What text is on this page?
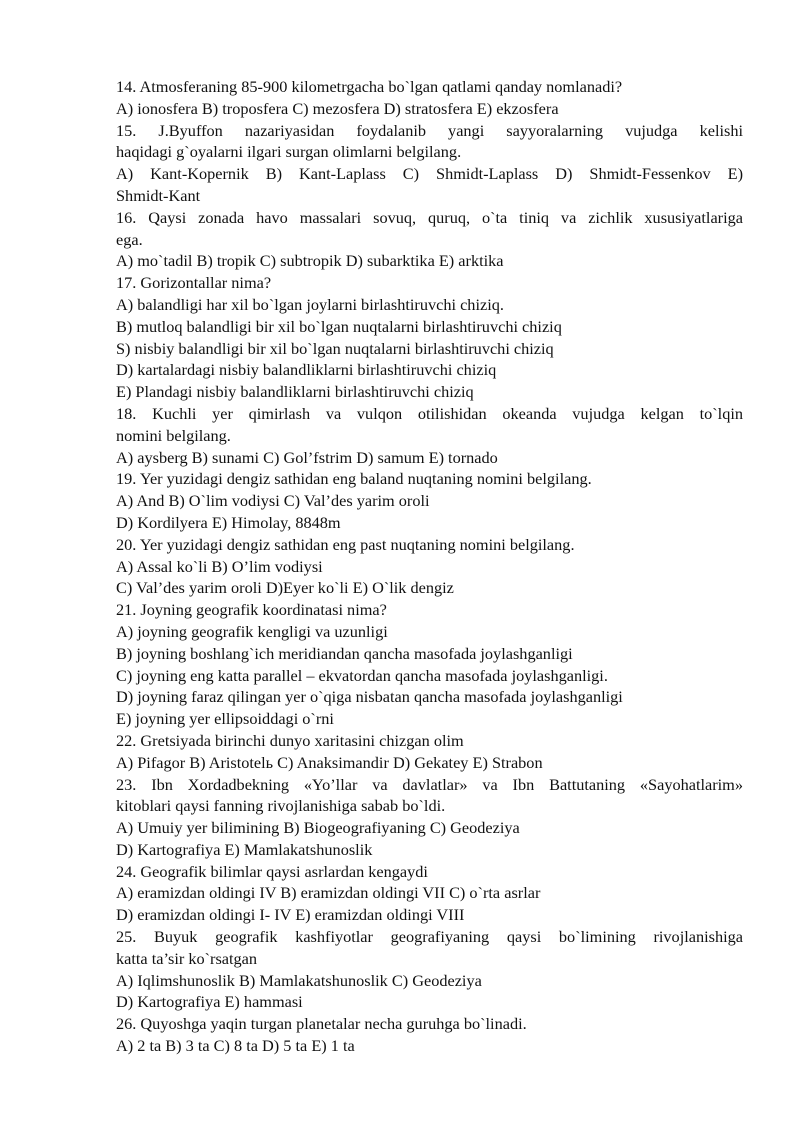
14. Atmosferaning 85-900 kilometrgacha bo`lgan qatlami qanday nomlanadi?
A) ionosfera B) troposfera C) mezosfera D) stratosfera E) ekzosfera
15. J.Byuffon nazariyasidan foydalanib yangi sayyoralarning vujudga kelishi
haqidagi g`oyalarni ilgari surgan olimlarni belgilang.
A) Kant-Kopernik B) Kant-Laplass C) Shmidt-Laplass D) Shmidt-Fessenkov E)
Shmidt-Kant
16. Qaysi zonada havo massalari sovuq, quruq, o`ta tiniq va zichlik xususiyatlariga
ega.
A) mo`tadil B) tropik C) subtropik D) subarktika E) arktika
17. Gorizontallar nima?
A) balandligi har xil bo`lgan joylarni birlashtiruvchi chiziq.
B) mutloq balandligi bir xil bo`lgan nuqtalarni birlashtiruvchi chiziq
S) nisbiy balandligi bir xil bo`lgan nuqtalarni birlashtiruvchi chiziq
D) kartalardagi nisbiy balandliklarni birlashtiruvchi chiziq
E) Plandagi nisbiy balandliklarni birlashtiruvchi chiziq
18. Kuchli yer qimirlash va vulqon otilishidan okeanda vujudga kelgan to`lqin
nomini belgilang.
A) aysberg B) sunami C) Gol’fstrim D) samum E) tornado
19. Yer yuzidagi dengiz sathidan eng baland nuqtaning nomini belgilang.
A) And B) O`lim vodiysi C) Val’des yarim oroli
D) Kordilyera E) Himolay, 8848m
20. Yer yuzidagi dengiz sathidan eng past nuqtaning nomini belgilang.
A) Assal ko`li B) O’lim vodiysi
C) Val’des yarim oroli D)Eyer ko`li E) O`lik dengiz
21. Joyning geografik koordinatasi nima?
A) joyning geografik kengligi va uzunligi
B) joyning boshlang`ich meridiandan qancha masofada joylashganligi
C) joyning eng katta parallel – ekvatordan qancha masofada joylashganligi.
D) joyning faraz qilingan yer o`qiga nisbatan qancha masofada joylashganligi
E) joyning yer ellipsoiddagi o`rni
22. Gretsiyada birinchi dunyo xaritasini chizgan olim
A) Pifagor B) Aristotelь C) Anaksimandir D) Gekatey E) Strabon
23. Ibn Xordadbekning «Yo’llar va davlatlar» va Ibn Battutaning «Sayohatlarim»
kitoblari qaysi fanning rivojlanishiga sabab bo`ldi.
A) Umuiy yer bilimining B) Biogeografiyaning C) Geodeziya
D) Kartografiya E) Mamlakatshunoslik
24. Geografik bilimlar qaysi asrlardan kengaydi
A) eramizdan oldingi IV B) eramizdan oldingi VII C) o`rta asrlar
D) eramizdan oldingi I- IV E) eramizdan oldingi VIII
25. Buyuk geografik kashfiyotlar geografiyaning qaysi bo`limining rivojlanishiga
katta ta’sir ko`rsatgan
A) Iqlimshunoslik B) Mamlakatshunoslik C) Geodeziya
D) Kartografiya E) hammasi
26. Quyoshga yaqin turgan planetalar necha guruhga bo`linadi.
A) 2 ta B) 3 ta C) 8 ta D) 5 ta E) 1 ta
